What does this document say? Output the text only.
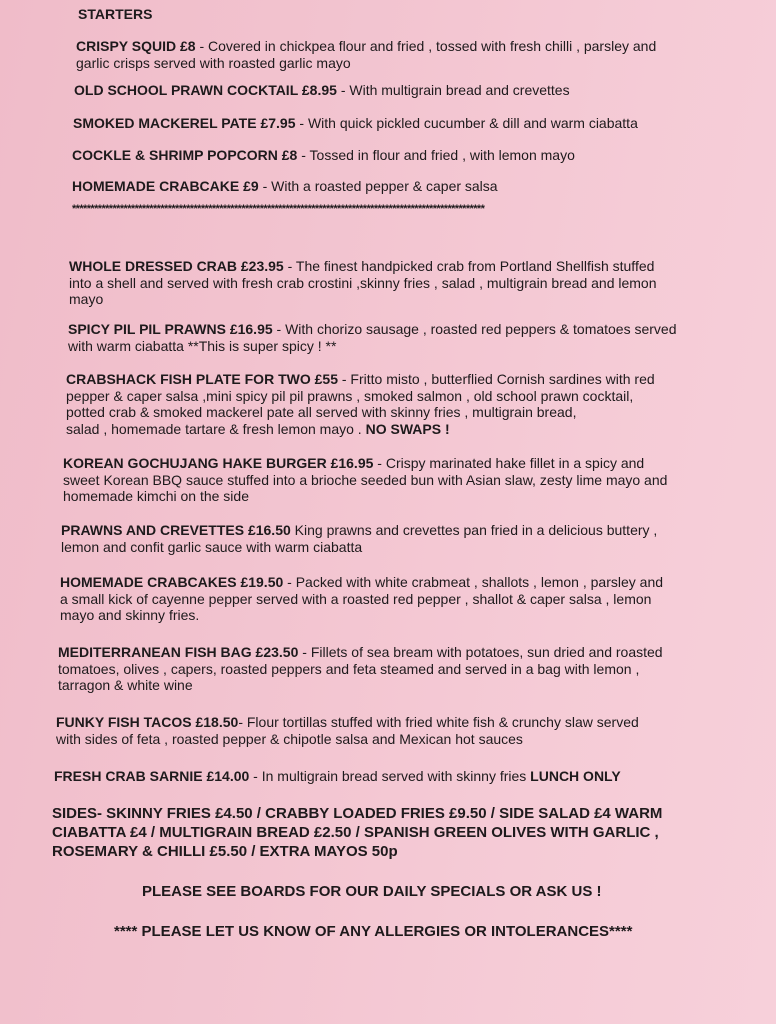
STARTERS
CRISPY SQUID £8 - Covered in chickpea flour and fried , tossed with fresh chilli , parsley and
garlic crisps served with roasted garlic mayo
OLD SCHOOL PRAWN COCKTAIL £8.95 - With multigrain bread and crevettes
SMOKED MACKEREL PATE £7.95 - With quick pickled cucumber & dill and warm ciabatta
COCKLE & SHRIMP POPCORN £8 - Tossed in flour and fried , with lemon mayo
HOMEMADE CRABCAKE £9 - With a roasted pepper & caper salsa
****************************************************************************************************************
WHOLE DRESSED CRAB £23.95 - The finest handpicked crab from Portland Shellfish stuffed
into a shell and served with fresh crab crostini ,skinny fries , salad , multigrain bread and lemon
mayo
SPICY PIL PIL PRAWNS £16.95 - With chorizo sausage , roasted red peppers & tomatoes served
with warm ciabatta **This is super spicy ! **
CRABSHACK FISH PLATE FOR TWO £55 - Fritto misto , butterflied Cornish sardines with red
pepper & caper salsa ,mini spicy pil pil prawns , smoked salmon , old school prawn cocktail,
potted crab & smoked mackerel pate all served with skinny fries , multigrain bread,
salad , homemade tartare & fresh lemon mayo . NO SWAPS !
KOREAN GOCHUJANG HAKE BURGER £16.95 - Crispy marinated hake fillet in a spicy and
sweet Korean BBQ sauce stuffed into a brioche seeded bun with Asian slaw, zesty lime mayo and
homemade kimchi on the side
PRAWNS AND CREVETTES £16.50 King prawns and crevettes pan fried in a delicious buttery ,
lemon and confit garlic sauce with warm ciabatta
HOMEMADE CRABCAKES £19.50 - Packed with white crabmeat , shallots , lemon , parsley and
a small kick of cayenne pepper served with a roasted red pepper , shallot & caper salsa , lemon
mayo and skinny fries.
MEDITERRANEAN FISH BAG £23.50 - Fillets of sea bream with potatoes, sun dried and roasted
tomatoes, olives , capers, roasted peppers and feta steamed and served in a bag with lemon ,
tarragon & white wine
FUNKY FISH TACOS £18.50- Flour tortillas stuffed with fried white fish & crunchy slaw served
with sides of feta , roasted pepper & chipotle salsa and Mexican hot sauces
FRESH CRAB SARNIE £14.00 - In multigrain bread served with skinny fries LUNCH ONLY
SIDES- SKINNY FRIES £4.50 / CRABBY LOADED FRIES £9.50 / SIDE SALAD £4 WARM
CIABATTA £4 / MULTIGRAIN BREAD £2.50 / SPANISH GREEN OLIVES WITH GARLIC ,
ROSEMARY & CHILLI £5.50 / EXTRA MAYOS 50p
PLEASE SEE BOARDS FOR OUR DAILY SPECIALS OR ASK US !
**** PLEASE LET US KNOW OF ANY ALLERGIES OR INTOLERANCES****
